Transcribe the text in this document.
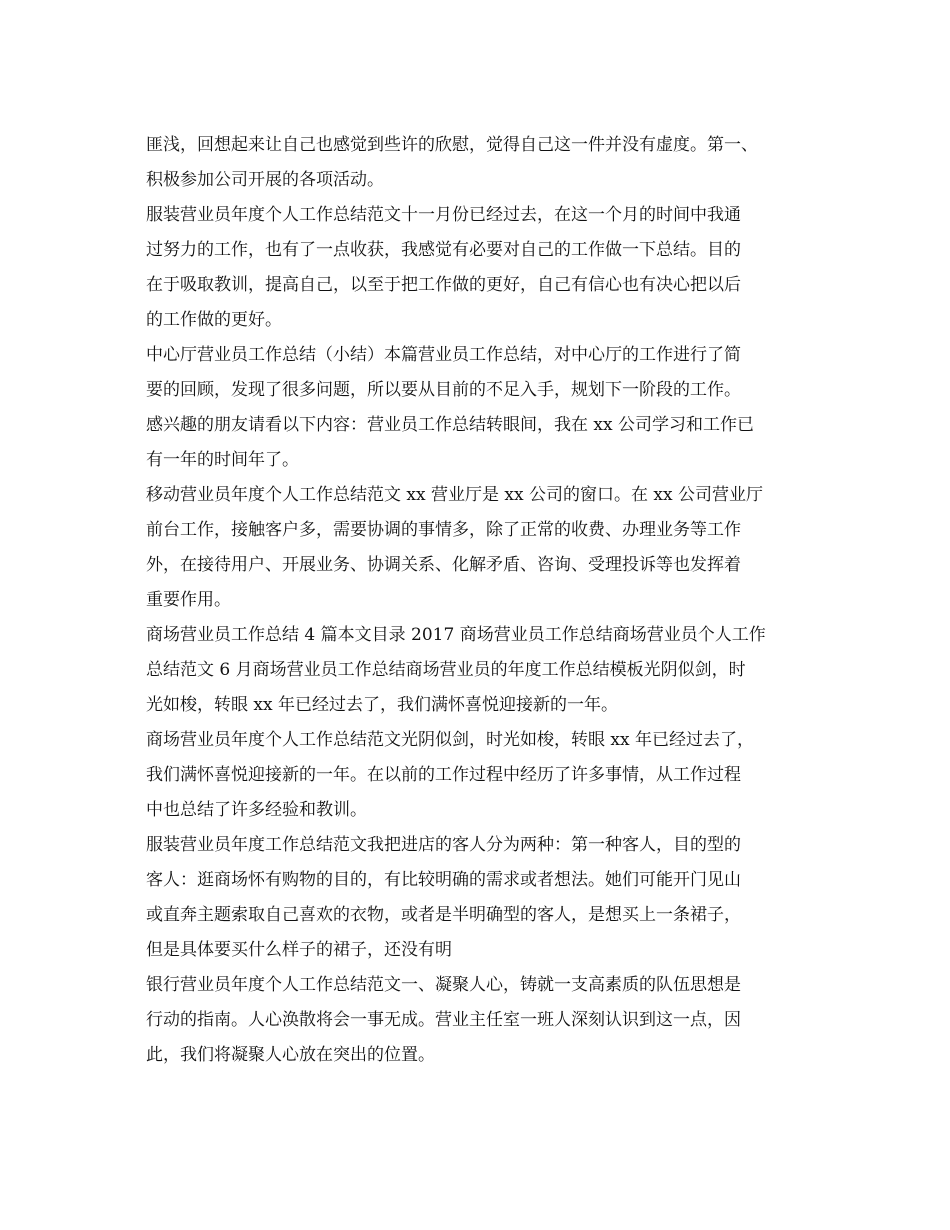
匪浅，回想起来让自己也感觉到些许的欣慰，觉得自己这一件并没有虚度。第一、
积极参加公司开展的各项活动。
服装营业员年度个人工作总结范文十一月份已经过去，在这一个月的时间中我通
过努力的工作，也有了一点收获，我感觉有必要对自己的工作做一下总结。目的
在于吸取教训，提高自己，以至于把工作做的更好，自己有信心也有决心把以后
的工作做的更好。
中心厅营业员工作总结（小结）本篇营业员工作总结，对中心厅的工作进行了简
要的回顾，发现了很多问题，所以要从目前的不足入手，规划下一阶段的工作。
感兴趣的朋友请看以下内容：营业员工作总结转眼间，我在 xx 公司学习和工作已
有一年的时间年了。
移动营业员年度个人工作总结范文 xx 营业厅是 xx 公司的窗口。在 xx 公司营业厅
前台工作，接触客户多，需要协调的事情多，除了正常的收费、办理业务等工作
外，在接待用户、开展业务、协调关系、化解矛盾、咨询、受理投诉等也发挥着
重要作用。
商场营业员工作总结 4 篇本文目录 2017 商场营业员工作总结商场营业员个人工作
总结范文 6 月商场营业员工作总结商场营业员的年度工作总结模板光阴似剑，时
光如梭，转眼 xx 年已经过去了，我们满怀喜悦迎接新的一年。
商场营业员年度个人工作总结范文光阴似剑，时光如梭，转眼 xx 年已经过去了，
我们满怀喜悦迎接新的一年。在以前的工作过程中经历了许多事情，从工作过程
中也总结了许多经验和教训。
服装营业员年度工作总结范文我把进店的客人分为两种：第一种客人，目的型的
客人：逛商场怀有购物的目的，有比较明确的需求或者想法。她们可能开门见山
或直奔主题索取自己喜欢的衣物，或者是半明确型的客人，是想买上一条裙子，
但是具体要买什么样子的裙子，还没有明
银行营业员年度个人工作总结范文一、凝聚人心，铸就一支高素质的队伍思想是
行动的指南。人心涣散将会一事无成。营业主任室一班人深刻认识到这一点，因
此，我们将凝聚人心放在突出的位置。
